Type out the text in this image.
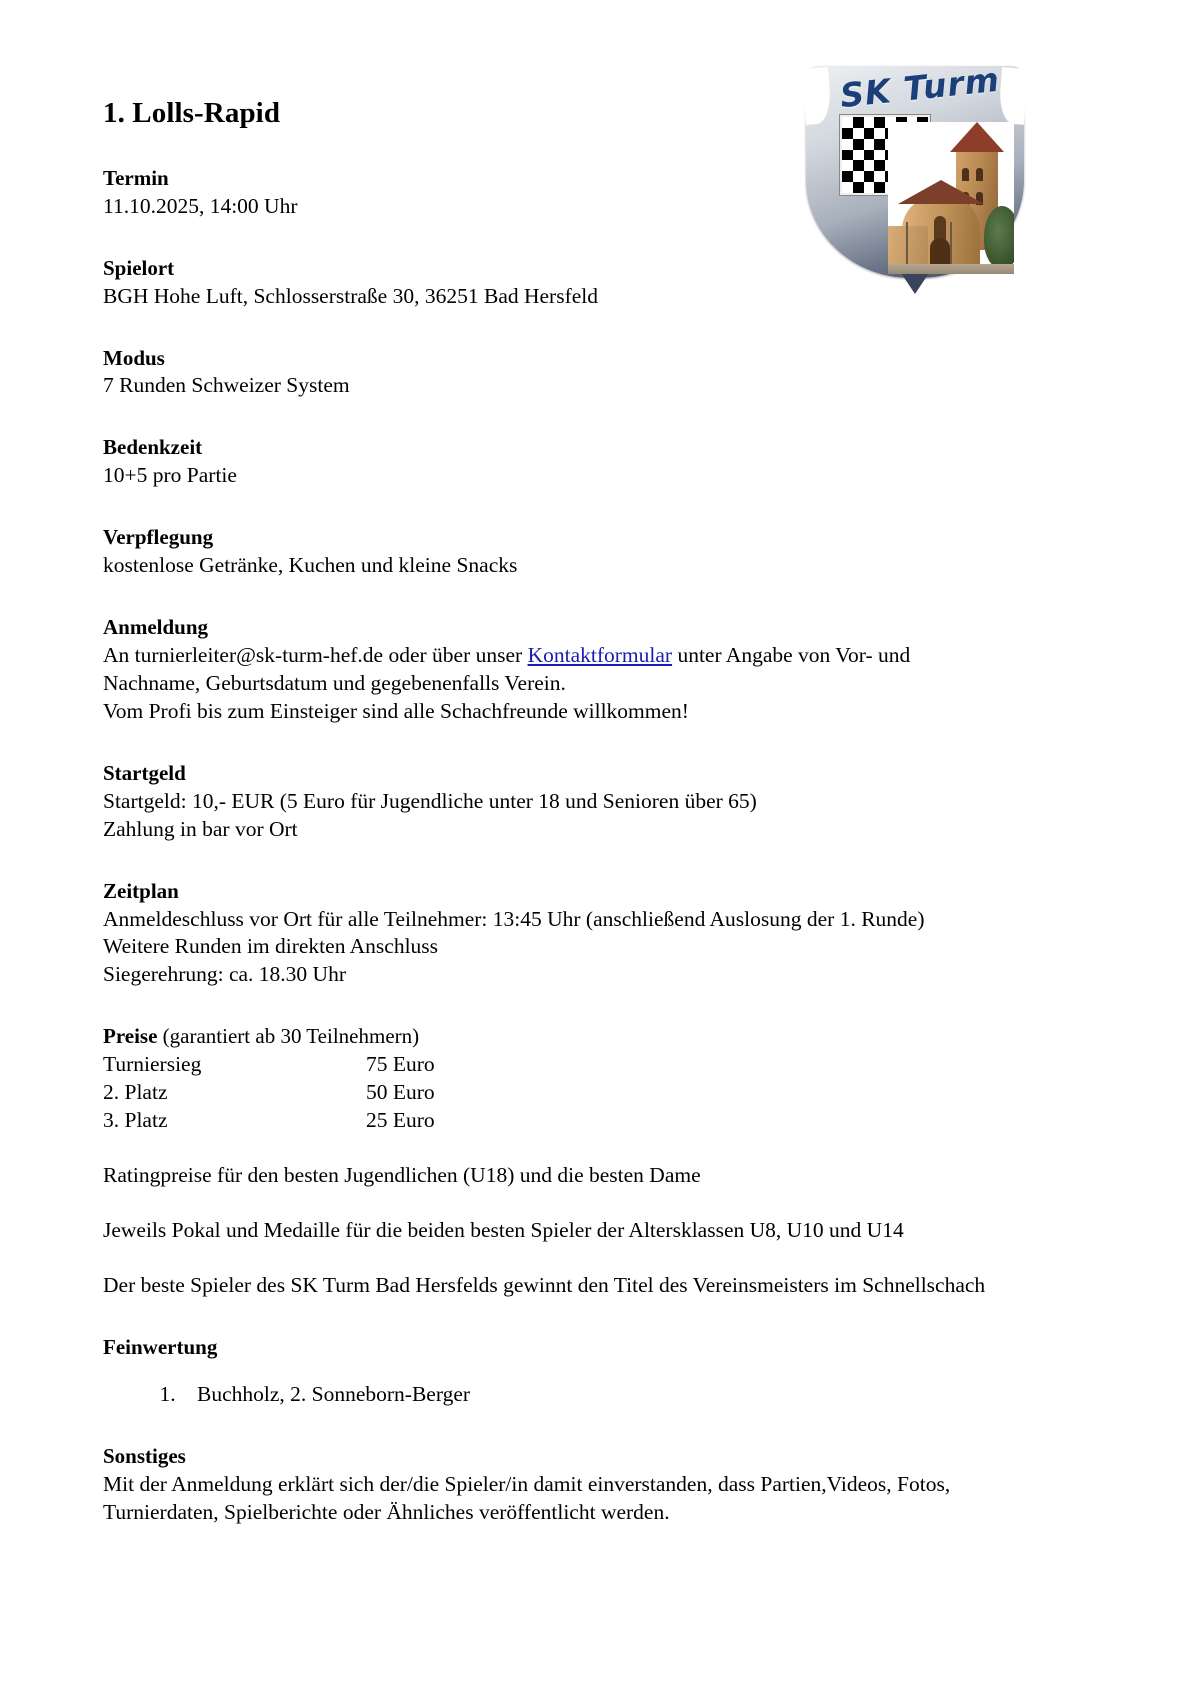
SK Turm
1. Lolls-Rapid
Termin
11.10.2025, 14:00 Uhr
Spielort
BGH Hohe Luft, Schlosserstraße 30, 36251 Bad Hersfeld
Modus
7 Runden Schweizer System
Bedenkzeit
10+5 pro Partie
Verpflegung
kostenlose Getränke, Kuchen und kleine Snacks
Anmeldung
An turnierleiter@sk-turm-hef.de oder über unser Kontaktformular unter Angabe von Vor- und Nachname, Geburtsdatum und gegebenenfalls Verein.
Vom Profi bis zum Einsteiger sind alle Schachfreunde willkommen!
Startgeld
Startgeld: 10,- EUR (5 Euro für Jugendliche unter 18 und Senioren über 65)
Zahlung in bar vor Ort
Zeitplan
Anmeldeschluss vor Ort für alle Teilnehmer: 13:45 Uhr (anschließend Auslosung der 1. Runde)
Weitere Runden im direkten Anschluss
Siegerehrung: ca. 18.30 Uhr
Preise (garantiert ab 30 Teilnehmern)
Turniersieg	75 Euro
2. Platz	50 Euro
3. Platz	25 Euro
Ratingpreise für den besten Jugendlichen (U18) und die besten Dame
Jeweils Pokal und Medaille für die beiden besten Spieler der Altersklassen U8, U10 und U14
Der beste Spieler des SK Turm Bad Hersfelds gewinnt den Titel des Vereinsmeisters im Schnellschach
Feinwertung
1. Buchholz, 2. Sonneborn-Berger
Sonstiges
Mit der Anmeldung erklärt sich der/die Spieler/in damit einverstanden, dass Partien,Videos, Fotos, Turnierdaten, Spielberichte oder Ähnliches veröffentlicht werden.
